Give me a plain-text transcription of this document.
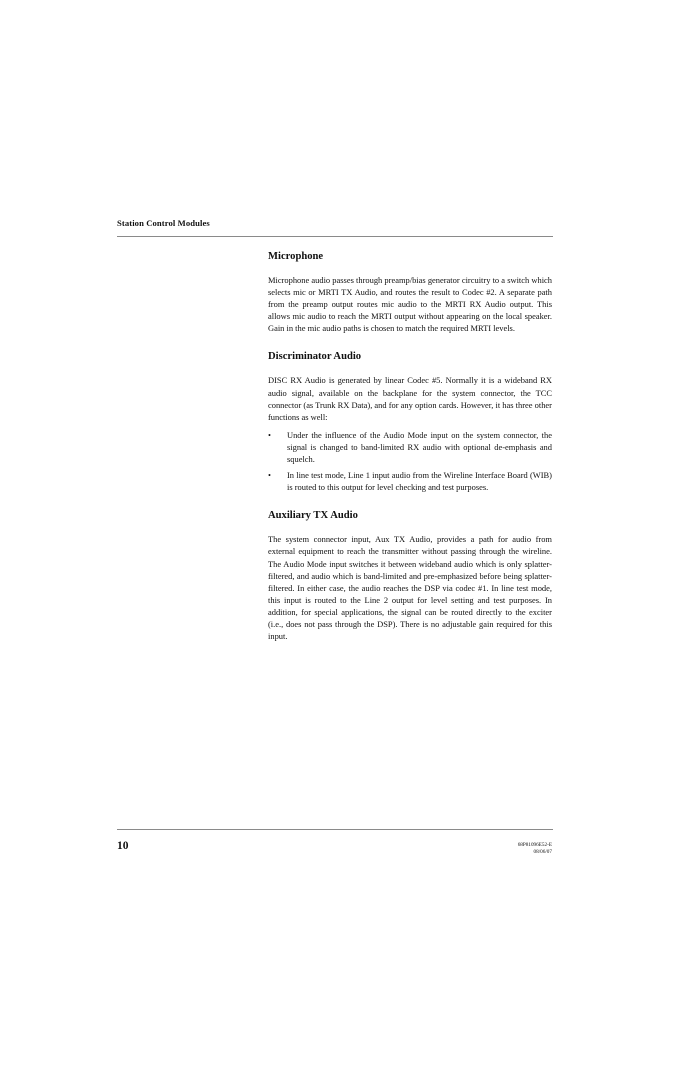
Station Control Modules
Microphone

Microphone audio passes through preamp/bias generator circuitry to a switch which selects mic or MRTI TX Audio, and routes the result to Codec #2. A separate path from the preamp output routes mic audio to the MRTI RX Audio output. This allows mic audio to reach the MRTI output without appearing on the local speaker. Gain in the mic audio paths is chosen to match the required MRTI levels.

Discriminator Audio

DISC RX Audio is generated by linear Codec #5. Normally it is a wideband RX audio signal, available on the backplane for the system connector, the TCC connector (as Trunk RX Data), and for any option cards. However, it has three other functions as well:

• Under the influence of the Audio Mode input on the system connector, the signal is changed to band-limited RX audio with optional de-emphasis and squelch.
• In line test mode, Line 1 input audio from the Wireline Interface Board (WIB) is routed to this output for level checking and test purposes.
Auxiliary TX Audio

The system connector input, Aux TX Audio, provides a path for audio from external equipment to reach the transmitter without passing through the wireline. The Audio Mode input switches it between wideband audio which is only splatter-filtered, and audio which is band-limited and pre-emphasized before being splatter-filtered. In either case, the audio reaches the DSP via codec #1. In line test mode, this input is routed to the Line 2 output for level setting and test purposes. In addition, for special applications, the signal can be routed directly to the exciter (i.e., does not pass through the DSP). There is no adjustable gain required for this input.

10	68P81096E52-E
08/06/07
